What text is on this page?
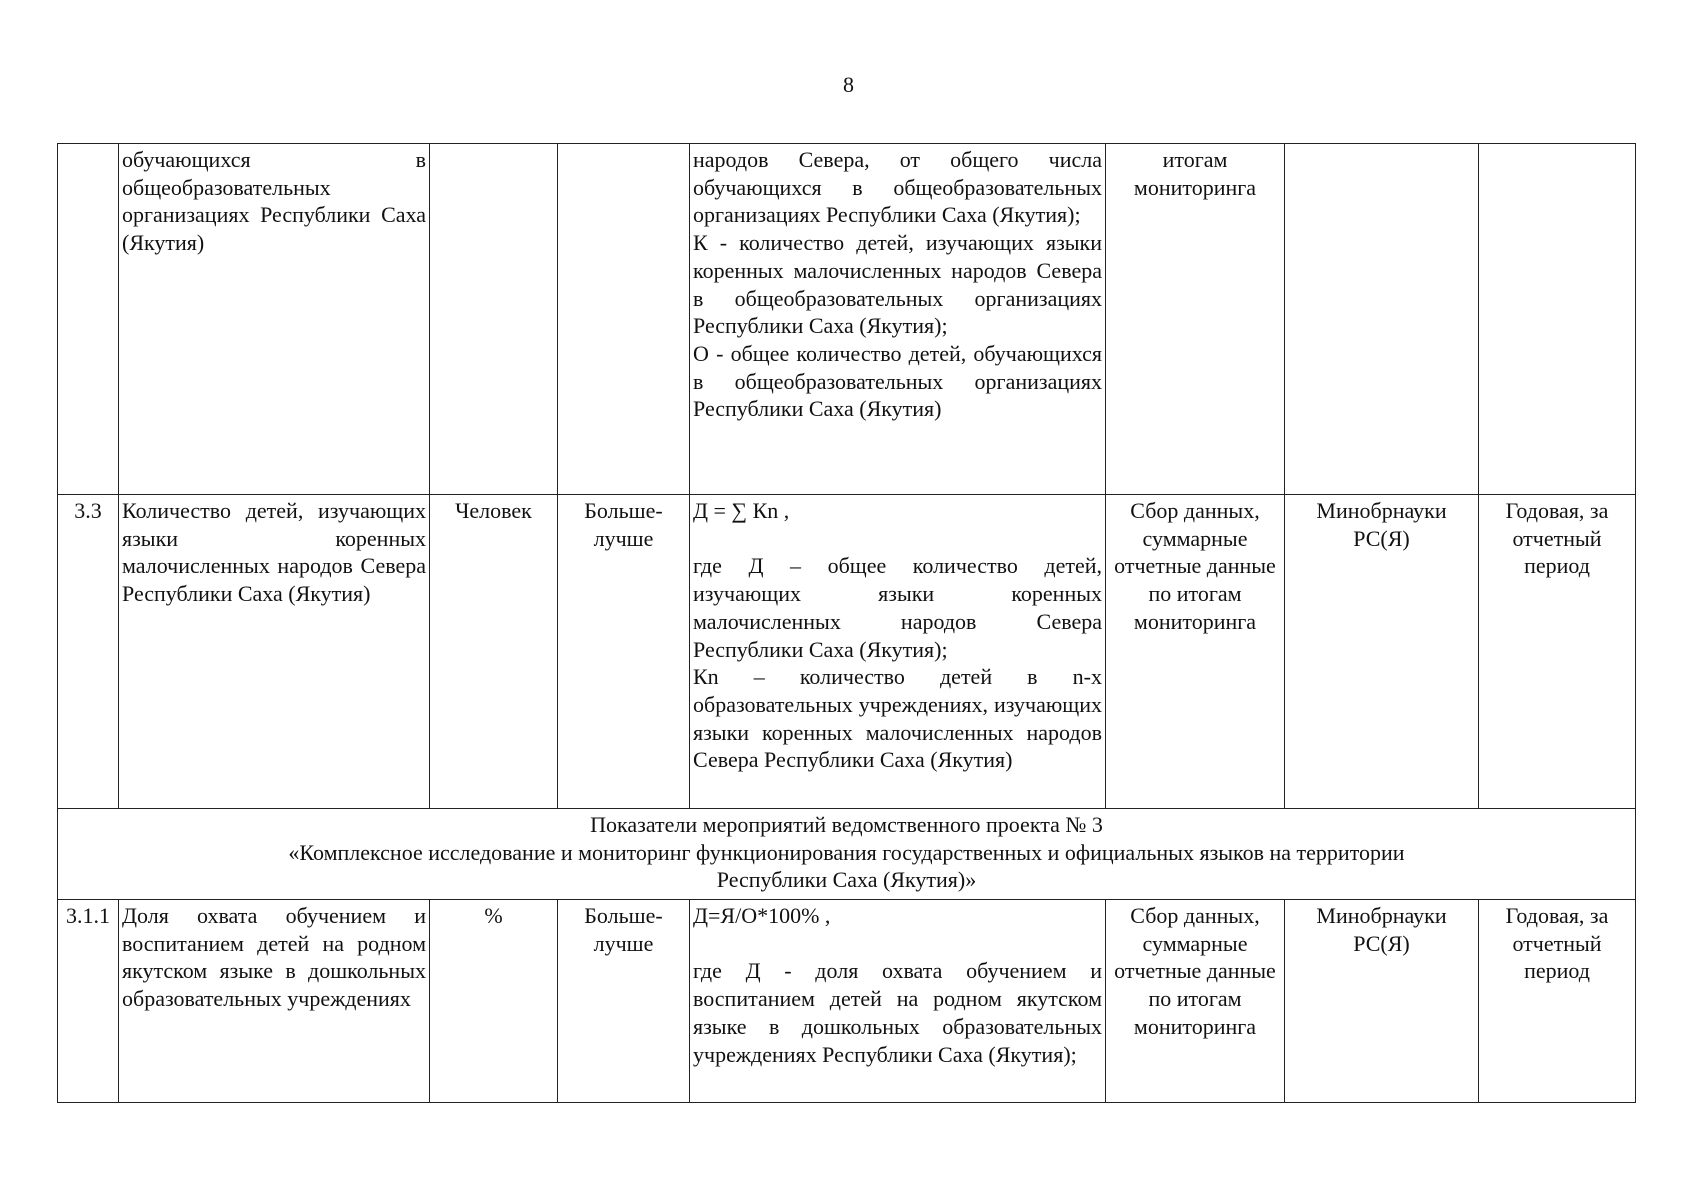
8

	обучающихся в общеобразовательных организациях Республики Саха (Якутия)			народов Севера, от общего числа обучающихся в общеобразовательных организациях Республики Саха (Якутия);
К - количество детей, изучающих языки коренных малочисленных народов Севера в общеобразовательных организациях Республики Саха (Якутия);
О - общее количество детей, обучающихся в общеобразовательных организациях Республики Саха (Якутия)	итогам мониторинга		
3.3	Количество детей, изучающих языки коренных малочисленных народов Севера Республики Саха (Якутия)	Человек	Больше-лучше	Д = ∑ Кn ,
где Д – общее количество детей, изучающих языки коренных малочисленных народов Севера Республики Саха (Якутия);
Кn – количество детей в n-х образовательных учреждениях, изучающих языки коренных малочисленных народов Севера Республики Саха (Якутия)	Сбор данных, суммарные отчетные данные по итогам мониторинга	Минобрнауки РС(Я)	Годовая, за отчетный период

Показатели мероприятий ведомственного проекта № 3
«Комплексное исследование и мониторинг функционирования государственных и официальных языков на территории
Республики Саха (Якутия)»							

3.1.1	Доля охвата обучением и воспитанием детей на родном якутском языке в дошкольных образовательных учреждениях	%	Больше-лучше	Д=Я/О*100% ,
где Д - доля охвата обучением и воспитанием детей на родном якутском языке в дошкольных образовательных учреждениях Республики Саха (Якутия);	Сбор данных, суммарные отчетные данные по итогам мониторинга	Минобрнауки РС(Я)	Годовая, за отчетный период
